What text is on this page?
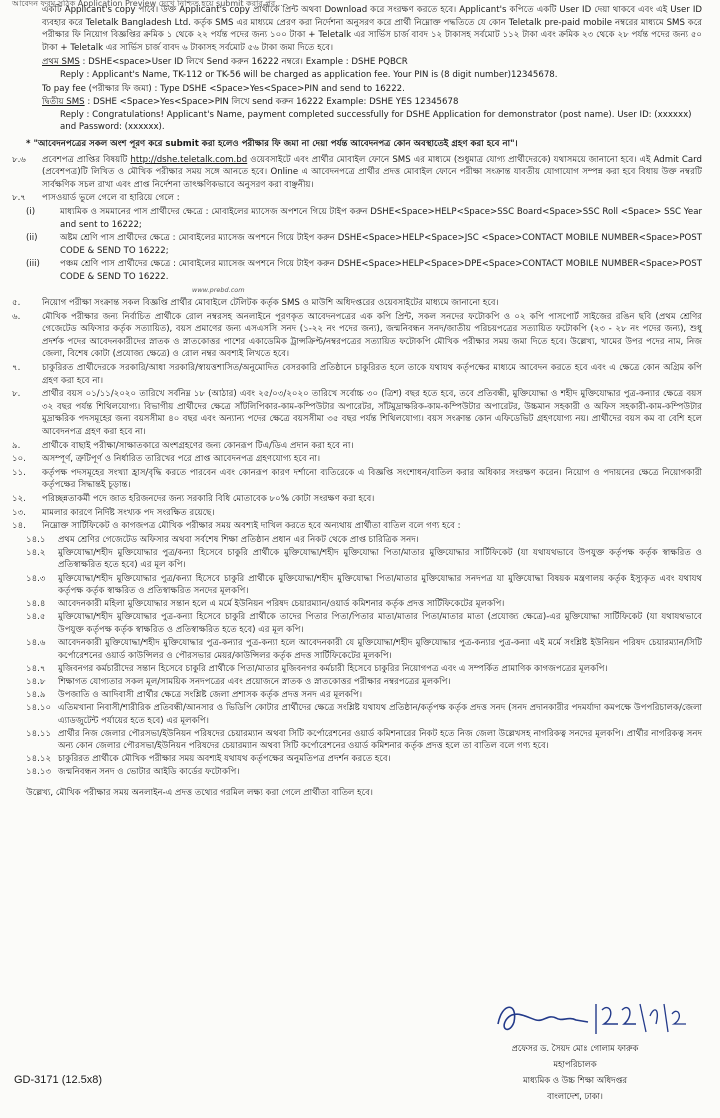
আবেদন ফরম সঠিক Application Preview দেখে নিশ্চিত হয়ে submit করার পর...
একটি Applicant's copy পাবে। উক্ত Applicant's copy প্রার্থীকে প্রিন্ট অথবা Download করে সংরক্ষণ করতে হবে। Applicant's কপিতে একটি User ID দেয়া থাকবে এবং এই User ID ব্যবহার করে Teletalk Bangladesh Ltd. কর্তৃক SMS এর মাধ্যমে প্রেরণ করা নির্দেশনা অনুসরণ করে প্রার্থী নিম্নোক্ত পদ্ধতিতে যে কোন Teletalk pre-paid mobile নম্বরের মাধ্যমে SMS করে পরীক্ষার ফি নিয়োগ বিজ্ঞপ্তির ক্রমিক ১ থেকে ২২ পর্যন্ত পদের জন্য ১০০ টাকা + Teletalk এর সার্ভিস চার্জ বাবদ ১২ টাকাসহ সর্বমোট ১১২ টাকা এবং ক্রমিক ২৩ থেকে ২৮ পর্যন্ত পদের জন্য ৫০ টাকা + Teletalk এর সার্ভিস চার্জ বাবদ ৬ টাকাসহ সর্বমোট ৫৬ টাকা জমা দিতে হবে।
প্রথম SMS : DSHE<space>User ID লিখে Send করুন 16222 নম্বরে। Example : DSHE PQBCR
Reply : Applicant's Name, TK-112 or TK-56 will be charged as application fee. Your PIN is (8 digit number)12345678.
To pay fee (পরীক্ষার ফি জমা) : Type DSHE <Space>Yes<Space>PIN and send to 16222.
দ্বিতীয় SMS : DSHE <Space>Yes<Space>PIN লিখে send করুন 16222 Example: DSHE YES 12345678
Reply : Congratulations! Applicant's Name, payment completed successfully for DSHE Application for demonstrator (post name). User ID: (xxxxxx) and Password: (xxxxxx).
* "আবেদনপত্রের সকল অংশ পূরণ করে submit করা হলেও পরীক্ষার ফি জমা না দেয়া পর্যন্ত আবেদনপত্র কোন অবস্থাতেই গ্রহণ করা হবে না"।
৮.৬	প্রবেশপত্র প্রাপ্তির বিষয়টি http://dshe.teletalk.com.bd ওয়েবসাইটে এবং প্রার্থীর মোবাইল ফোনে SMS এর মাধ্যমে (শুধুমাত্র যোগ্য প্রার্থীদেরকে) যথাসময়ে জানানো হবে। এই Admit Card (প্রবেশপত্র)টি লিখিত ও মৌখিক পরীক্ষার সময় সঙ্গে আনতে হবে। Online এ আবেদনপত্রে প্রার্থীর প্রদত্ত মোবাইল ফোনে পরীক্ষা সংক্রান্ত যাবতীয় যোগাযোগ সম্পন্ন করা হবে বিধায় উক্ত নম্বরটি সার্বক্ষণিক সচল রাখা এবং প্রাপ্ত নির্দেশনা তাৎক্ষণিকভাবে অনুসরণ করা বাঞ্ছনীয়।
৮.৭	পাসওয়ার্ড ভুলে গেলে বা হারিয়ে গেলে :
(i)	মাধ্যমিক ও সমমানের পাস প্রার্থীদের ক্ষেত্রে : মোবাইলের ম্যাসেজ অপশনে গিয়ে টাইপ করুন DSHE<Space>HELP<Space>SSC Board<Space>SSC Roll <Space> SSC Year and sent to 16222;
(ii)	অষ্টম শ্রেণি পাস প্রার্থীদের ক্ষেত্রে : মোবাইলের ম্যাসেজ অপশনে গিয়ে টাইপ করুন DSHE<Space>HELP<Space>JSC <Space>CONTACT MOBILE NUMBER<Space>POST CODE & SEND TO 16222;
(iii)	পঞ্চম শ্রেণি পাস প্রার্থীদের ক্ষেত্রে : মোবাইলের ম্যাসেজ অপশনে গিয়ে টাইপ করুন DSHE<Space>HELP<Space>DPE<Space>CONTACT MOBILE NUMBER<Space>POST CODE & SEND TO 16222.
www.prebd.com
৫.	নিয়োগ পরীক্ষা সংক্রান্ত সকল বিজ্ঞপ্তি প্রার্থীর মোবাইলে টেলিটক কর্তৃক SMS ও মাউশি অধিদপ্তরের ওয়েবসাইটের মাধ্যমে জানানো হবে।
৬.	মৌখিক পরীক্ষার জন্য নির্বাচিত প্রার্থীকে রোল নম্বরসহ অনলাইনে পূরণকৃত আবেদনপত্রের এক কপি প্রিন্ট, সকল সনদের ফটোকপি ও ০২ কপি পাসপোর্ট সাইজের রঙিন ছবি (প্রথম শ্রেণির গেজেটেড অফিসার কর্তৃক সত্যায়িত), বয়স প্রমাণের জন্য এসএসসি সনদ (১-২২ নং পদের জন্য), জন্মনিবন্ধন সনদ/জাতীয় পরিচয়পত্রের সত্যায়িত ফটোকপি (২৩ - ২৮ নং পদের জন্য), শুধু প্রদর্শক পদের আবেদনকারীদের স্নাতক ও স্নাতকোত্তর পাশের একাডেমিক ট্রান্সক্রিপ্ট/নম্বরপত্রের সত্যায়িত ফটোকপি মৌখিক পরীক্ষার সময় জমা দিতে হবে। উল্লেখ্য, খামের উপর পদের নাম, নিজ জেলা, বিশেষ কোটা (প্রযোজ্য ক্ষেত্রে) ও রোল নম্বর অবশ্যই লিখতে হবে।
৭.	চাকুরিরত প্রার্থীদেরকে সরকারি/আধা সরকারি/স্বায়ত্তশাসিত/অনুমোদিত বেসরকারি প্রতিষ্ঠানে চাকুরিরত হলে তাকে যথাযথ কর্তৃপক্ষের মাধ্যমে আবেদন করতে হবে এবং এ ক্ষেত্রে কোন অগ্রিম কপি গ্রহণ করা হবে না।
৮.	প্রার্থীর বয়স ০১/১১/২০২০ তারিখে সর্বনিম্ন ১৮ (আঠার) এবং ২৫/০৩/২০২০ তারিখে সর্বোচ্চ ৩০ (ত্রিশ) বছর হতে হবে, তবে প্রতিবন্ধী, মুক্তিযোদ্ধা ও শহীদ মুক্তিযোদ্ধার পুত্র-কন্যার ক্ষেত্রে বয়স ৩২ বছর পর্যন্ত শিথিলযোগ্য। বিভাগীয় প্রার্থীদের ক্ষেত্রে সাঁটলিপিকার-কাম-কম্পিউটার অপারেটর, সাঁটমুদ্রাক্ষরিক-কাম-কম্পিউটার অপারেটর, উচ্চমান সহকারী ও অফিস সহকারী-কাম-কম্পিউটার মুদ্রাক্ষরিক পদসমূহের জন্য বয়সসীমা ৪০ বছর এবং অন্যান্য পদের ক্ষেত্রে বয়সসীমা ৩৫ বছর পর্যন্ত শিথিলযোগ্য। বয়স সংক্রান্ত কোন এফিডেভিট গ্রহণযোগ্য নয়। প্রার্থীদের বয়স কম বা বেশি হলে আবেদনপত্র গ্রহণ করা হবে না।
৯.	প্রার্থীকে বাছাই পরীক্ষা/সাক্ষাতকারে অংশগ্রহণের জন্য কোনরূপ টিএ/ডিএ প্রদান করা হবে না।
১০.	অসম্পূর্ণ, ত্রুটিপূর্ণ ও নির্ধারিত তারিখের পরে প্রাপ্ত আবেদনপত্র গ্রহণযোগ্য হবে না।
১১.	কর্তৃপক্ষ পদসমূহের সংখ্যা হ্রাস/বৃদ্ধি করতে পারবেন এবং কোনরূপ কারণ দর্শানো ব্যতিরেকে এ বিজ্ঞপ্তি সংশোধন/বাতিল করার অধিকার সংরক্ষণ করেন। নিয়োগ ও পদায়নের ক্ষেত্রে নিয়োগকারী কর্তৃপক্ষের সিদ্ধান্তই চূড়ান্ত।
১২.	পরিচ্ছন্নতাকর্মী পদে জাত হরিজনদের জন্য সরকারি বিধি মোতাবেক ৮০% কোটা সংরক্ষণ করা হবে।
১৩.	মামলার কারণে নির্দিষ্ট সংখ্যক পদ সংরক্ষিত রয়েছে।
১৪.	নিম্নোক্ত সার্টিফিকেট ও কাগজপত্র মৌখিক পরীক্ষার সময় অবশ্যই দাখিল করতে হবে অন্যথায় প্রার্থীতা বাতিল বলে গণ্য হবে :
১৪.১	প্রথম শ্রেণির গেজেটেড অফিসার অথবা সর্বশেষ শিক্ষা প্রতিষ্ঠান প্রধান এর নিকট থেকে প্রাপ্ত চারিত্রিক সনদ।
১৪.২	মুক্তিযোদ্ধা/শহীদ মুক্তিযোদ্ধার পুত্র/কন্যা হিসেবে চাকুরি প্রার্থীকে মুক্তিযোদ্ধা/শহীদ মুক্তিযোদ্ধা পিতা/মাতার মুক্তিযোদ্ধার সার্টিফিকেট (যা যথাযথভাবে উপযুক্ত কর্তৃপক্ষ কর্তৃক স্বাক্ষরিত ও প্রতিস্বাক্ষরিত হতে হবে) এর মূল কপি।
১৪.৩	মুক্তিযোদ্ধা/শহীদ মুক্তিযোদ্ধার পুত্র/কন্যা হিসেবে চাকুরি প্রার্থীকে মুক্তিযোদ্ধা/শহীদ মুক্তিযোদ্ধা পিতা/মাতার মুক্তিযোদ্ধার সনদপত্র যা মুক্তিযোদ্ধা বিষয়ক মন্ত্রণালয় কর্তৃক ইস্যুকৃত এবং যথাযথ কর্তৃপক্ষ কর্তৃক স্বাক্ষরিত ও প্রতিস্বাক্ষরিত সনদের মূলকপি।
১৪.৪	আবেদনকারী মহিলা মুক্তিযোদ্ধার সন্তান হলে এ মর্মে ইউনিয়ন পরিষদ চেয়ারম্যান/ওয়ার্ড কমিশনার কর্তৃক প্রদত্ত সার্টিফিকেটের মূলকপি।
১৪.৫	মুক্তিযোদ্ধা/শহীদ মুক্তিযোদ্ধার পুত্র-কন্যা হিসেবে চাকুরি প্রার্থীকে তাদের পিতার পিতা/পিতার মাতা/মাতার পিতা/মাতার মাতা (প্রযোজ্য ক্ষেত্রে)-এর মুক্তিযোদ্ধা সার্টিফিকেট (যা যথাযথভাবে উপযুক্ত কর্তৃপক্ষ কর্তৃক স্বাক্ষরিত ও প্রতিস্বাক্ষরিত হতে হবে) এর মূল কপি।
১৪.৬	আবেদনকারী মুক্তিযোদ্ধা/শহীদ মুক্তিযোদ্ধার পুত্র-কন্যার পুত্র-কন্যা হলে আবেদনকারী যে মুক্তিযোদ্ধা/শহীদ মুক্তিযোদ্ধার পুত্র-কন্যার পুত্র-কন্যা এই মর্মে সংশ্লিষ্ট ইউনিয়ন পরিষদ চেয়ারম্যান/সিটি কর্পোরেশনের ওয়ার্ড কাউন্সিলর ও পৌরসভার মেয়র/কাউন্সিলর কর্তৃক প্রদত্ত সার্টিফিকেটের মূলকপি।
১৪.৭	মুজিবনগর কর্মচারীদের সন্তান হিসেবে চাকুরি প্রার্থীকে পিতা/মাতার মুজিবনগর কর্মচারী হিসেবে চাকুরির নিয়োগপত্র এবং এ সম্পর্কিত প্রামাণিক কাগজপত্রের মূলকপি।
১৪.৮	শিক্ষাগত যোগ্যতার সকল মূল/সাময়িক সনদপত্রের এবং প্রয়োজনে স্নাতক ও স্নাতকোত্তর পরীক্ষার নম্বরপত্রের মূলকপি।
১৪.৯	উপজাতি ও আদিবাসী প্রার্থীর ক্ষেত্রে সংশ্লিষ্ট জেলা প্রশাসক কর্তৃক প্রদত্ত সনদ এর মূলকপি।
১৪.১০ এতিমখানা নিবাসী/শারীরিক প্রতিবন্ধী/আনসার ও ভিডিপি কোটার প্রার্থীদের ক্ষেত্রে সংশ্লিষ্ট যথাযথ প্রতিষ্ঠান/কর্তৃপক্ষ কর্তৃক প্রদত্ত সনদ (সনদ প্রদানকারীর পদমর্যাদা কমপক্ষে উপপরিচালক/জেলা এ্যাডজুটেন্ট পর্যায়ের হতে হবে) এর মূলকপি।
১৪.১১ প্রার্থীর নিজ জেলার পৌরসভা/ইউনিয়ন পরিষদের চেয়ারম্যান অথবা সিটি কর্পোরেশনের ওয়ার্ড কমিশনারের নিকট হতে নিজ জেলা উল্লেখসহ নাগরিকত্ব সনদের মূলকপি। প্রার্থীর নাগরিকত্ব সনদ অন্য কোন জেলার পৌরসভা/ইউনিয়ন পরিষদের চেয়ারম্যান অথবা সিটি কর্পোরেশনের ওয়ার্ড কমিশনার কর্তৃক প্রদত্ত হলে তা বাতিল বলে গণ্য হবে।
১৪.১২ চাকুরিরত প্রার্থীকে মৌখিক পরীক্ষার সময় অবশ্যই যথাযথ কর্তৃপক্ষের অনুমতিপত্র প্রদর্শন করতে হবে।
১৪.১৩ জন্মনিবন্ধন সনদ ও ভোটার আইডি কার্ডের ফটোকপি।
উল্লেখ্য, মৌখিক পরীক্ষার সময় অনলাইন-এ প্রদত্ত তথ্যের গরমিল লক্ষ্য করা গেলে প্রার্থীতা বাতিল হবে।
প্রফেসর ড. সৈয়দ মোঃ গোলাম ফারুক
মহাপরিচালক
মাধ্যমিক ও উচ্চ শিক্ষা অধিদপ্তর
বাংলাদেশ, ঢাকা।
GD-3171 (12.5x8)
